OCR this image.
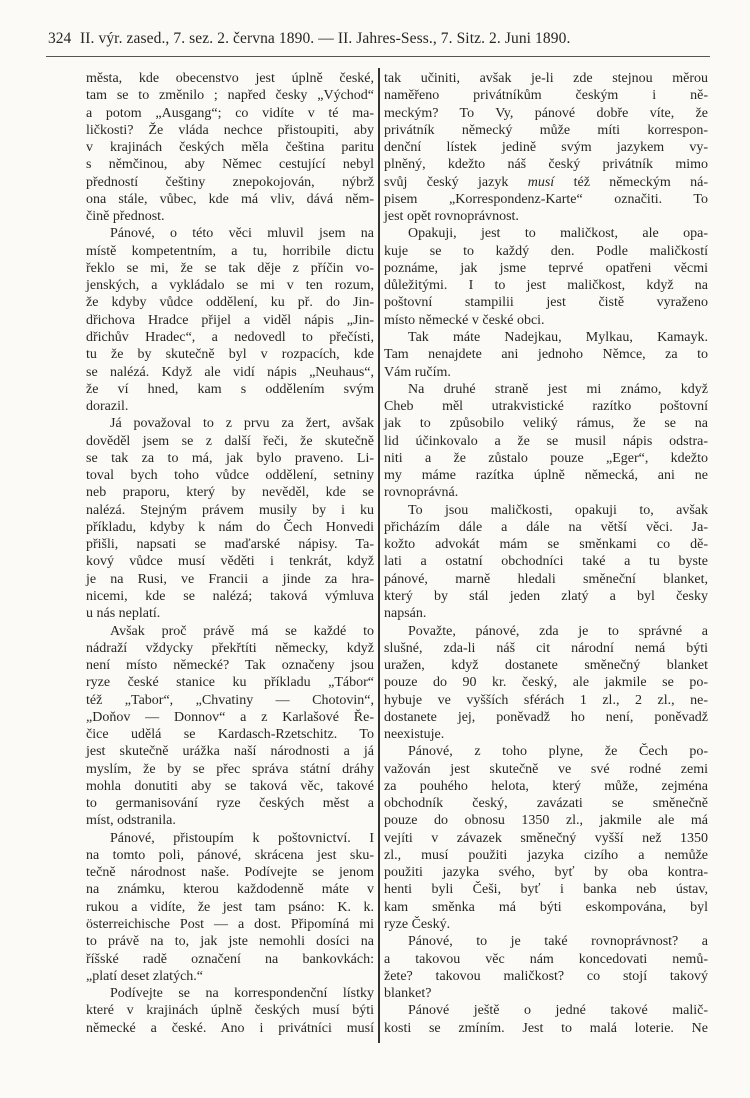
324 II. výr. zased., 7. sez. 2. června 1890. — II. Jahres-Sess., 7. Sitz. 2. Juni 1890.
města, kde obecenstvo jest úplně české,
tam se to změnilo ; napřed česky „Východ“
a potom „Ausgang“; co vidíte v té ma-
ličkosti? Že vláda nechce přistoupiti, aby
v krajinách českých měla čeština paritu
s němčinou, aby Němec cestující nebyl
předností češtiny znepokojován, nýbrž
ona stále, vůbec, kde má vliv, dává něm-
čině přednost.
Pánové, o této věci mluvil jsem na
místě kompetentním, a tu, horribile dictu
řeklo se mi, že se tak děje z příčin vo-
jenských, a vykládalo se mi v ten rozum,
že kdyby vůdce oddělení, ku př. do Jin-
dřichova Hradce přijel a viděl nápis „Jin-
dřichův Hradec“, a nedovedl to přečísti,
tu že by skutečně byl v rozpacích, kde
se nalézá. Když ale vidí nápis „Neuhaus“,
že ví hned, kam s oddělením svým
dorazil.
Já považoval to z prvu za žert, avšak
dověděl jsem se z další řeči, že skutečně
se tak za to má, jak bylo praveno. Li-
toval bych toho vůdce oddělení, setniny
neb praporu, který by nevěděl, kde se
nalézá. Stejným právem musily by i ku
příkladu, kdyby k nám do Čech Honvedi
přišli, napsati se maďarské nápisy. Ta-
kový vůdce musí věděti i tenkrát, když
je na Rusi, ve Francii a jinde za hra-
nicemi, kde se nalézá; taková výmluva
u nás neplatí.
Avšak proč právě má se každé to
nádraží vždycky překřtíti německy, když
není místo německé? Tak označeny jsou
ryze české stanice ku příkladu „Tábor“
též „Tabor“, „Chvatiny — Chotovin“,
„Doňov — Donnov“ a z Karlašové Ře-
čice udělá se Kardasch-Rzetschitz. To
jest skutečně urážka naší národnosti a já
myslím, že by se přec správa státní dráhy
mohla donutiti aby se taková věc, takové
to germanisování ryze českých měst a
míst, odstranila.
Pánové, přistoupím k poštovnictví. I
na tomto poli, pánové, skrácena jest sku-
tečně národnost naše. Podívejte se jenom
na známku, kterou každodenně máte v
rukou a vidíte, že jest tam psáno: K. k.
österreichische Post — a dost. Připomíná mi
to právě na to, jak jste nemohli dosíci na
říšské radě označení na bankovkách:
„platí deset zlatých.“
Podívejte se na korrespondenční lístky
které v krajinách úplně českých musí býti
německé a české. Ano i privátníci musí
tak učiniti, avšak je-li zde stejnou měrou
naměřeno privátníkům českým i ně-
meckým? To Vy, pánové dobře víte, že
privátník německý může míti korrespon-
denční lístek jedině svým jazykem vy-
plněný, kdežto náš český privátník mimo
svůj český jazyk musí též německým ná-
pisem „Korrespondenz-Karte“ označiti. To
jest opět rovnoprávnost.
Opakuji, jest to maličkost, ale opa-
kuje se to každý den. Podle maličkostí
poznáme, jak jsme teprvé opatřeni věcmi
důležitými. I to jest maličkost, když na
poštovní stampilii jest čistě vyraženo
místo německé v české obci.
Tak máte Nadejkau, Mylkau, Kamayk.
Tam nenajdete ani jednoho Němce, za to
Vám ručím.
Na druhé straně jest mi známo, když
Cheb měl utrakvistické razítko poštovní
jak to způsobilo veliký rámus, že se na
lid účinkovalo a že se musil nápis odstra-
niti a že zůstalo pouze „Eger“, kdežto
my máme razítka úplně německá, ani ne
rovnoprávná.
To jsou maličkosti, opakuji to, avšak
přicházím dále a dále na větší věci. Ja-
kožto advokát mám se směnkami co dě-
lati a ostatní obchodníci také a tu byste
pánové, marně hledali směneční blanket,
který by stál jeden zlatý a byl česky
napsán.
Považte, pánové, zda je to správné a
slušné, zda-li náš cit národní nemá býti
uražen, když dostanete směnečný blanket
pouze do 90 kr. český, ale jakmile se po-
hybuje ve vyšších sférách 1 zl., 2 zl., ne-
dostanete jej, poněvadž ho není, poněvadž
neexistuje.
Pánové, z toho plyne, že Čech po-
važován jest skutečně ve své rodné zemi
za pouhého helota, který může, zejména
obchodník český, zavázati se směnečně
pouze do obnosu 1350 zl., jakmile ale má
vejíti v závazek směnečný vyšší než 1350
zl., musí použiti jazyka cizího a nemůže
použiti jazyka svého, byť by oba kontra-
henti byli Češi, byť i banka neb ústav,
kam směnka má býti eskompována, byl
ryze Český.
Pánové, to je také rovnoprávnost? a
a takovou věc nám koncedovati nemů-
žete? takovou maličkost? co stojí takový
blanket?
Pánové ještě o jedné takové malič-
kosti se zmíním. Jest to malá loterie. Ne
